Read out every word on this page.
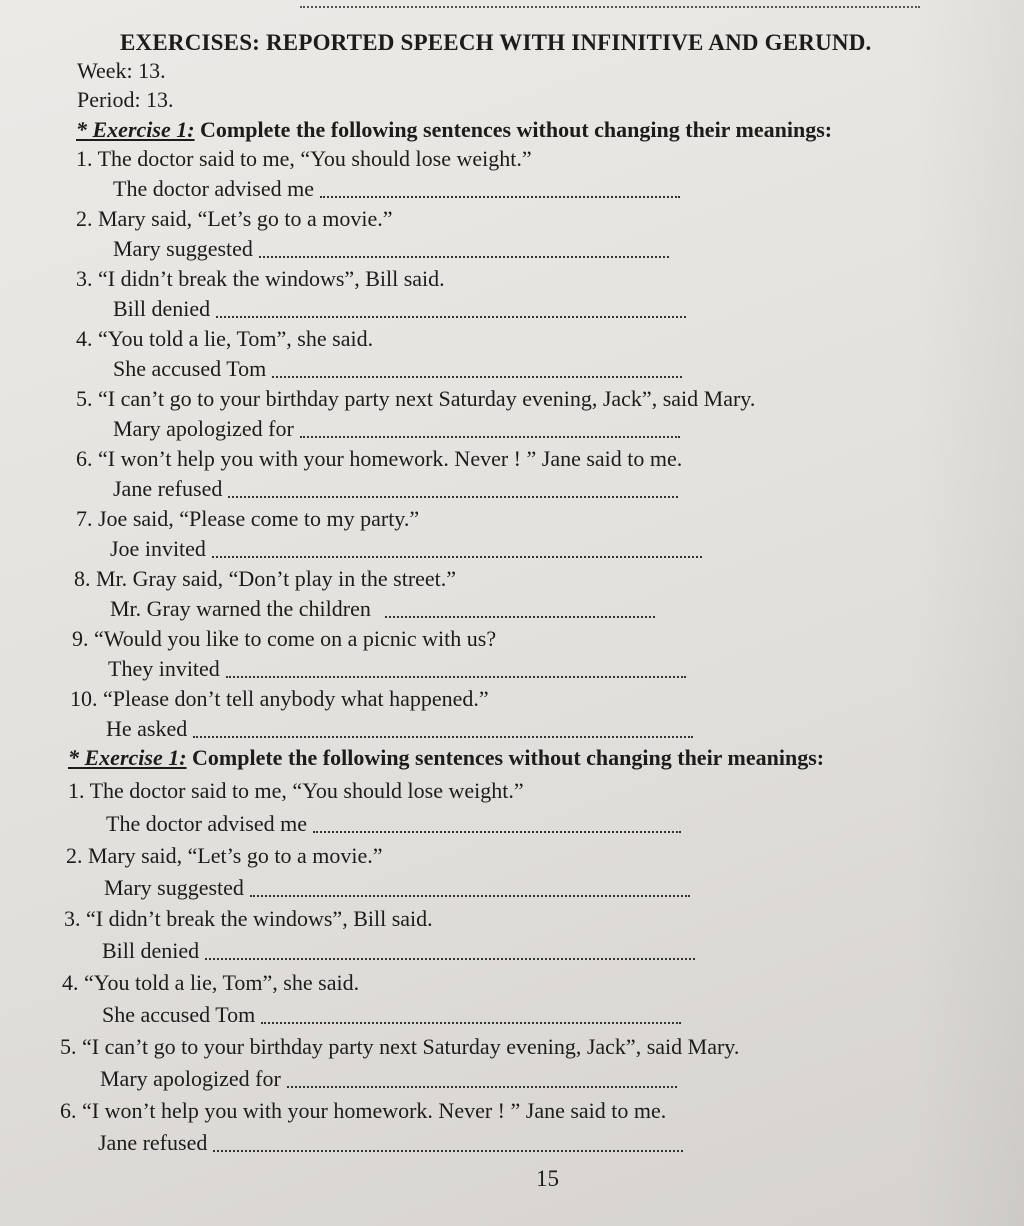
EXERCISES: REPORTED SPEECH WITH INFINITIVE AND GERUND.
Week: 13.
Period: 13.
* Exercise 1: Complete the following sentences without changing their meanings:
1. The doctor said to me, “You should lose weight.”
The doctor advised me
2. Mary said, “Let’s go to a movie.”
Mary suggested
3. “I didn’t break the windows”, Bill said.
Bill denied
4. “You told a lie, Tom”, she said.
She accused Tom
5. “I can’t go to your birthday party next Saturday evening, Jack”, said Mary.
Mary apologized for
6. “I won’t help you with your homework. Never ! ” Jane said to me.
Jane refused
7. Joe said, “Please come to my party.”
Joe invited
8. Mr. Gray said, “Don’t play in the street.”
Mr. Gray warned the children
9. “Would you like to come on a picnic with us?
They invited
10. “Please don’t tell anybody what happened.”
He asked
* Exercise 1: Complete the following sentences without changing their meanings:
1. The doctor said to me, “You should lose weight.”
The doctor advised me
2. Mary said, “Let’s go to a movie.”
Mary suggested
3. “I didn’t break the windows”, Bill said.
Bill denied
4. “You told a lie, Tom”, she said.
She accused Tom
5. “I can’t go to your birthday party next Saturday evening, Jack”, said Mary.
Mary apologized for
6. “I won’t help you with your homework. Never ! ” Jane said to me.
Jane refused
15
